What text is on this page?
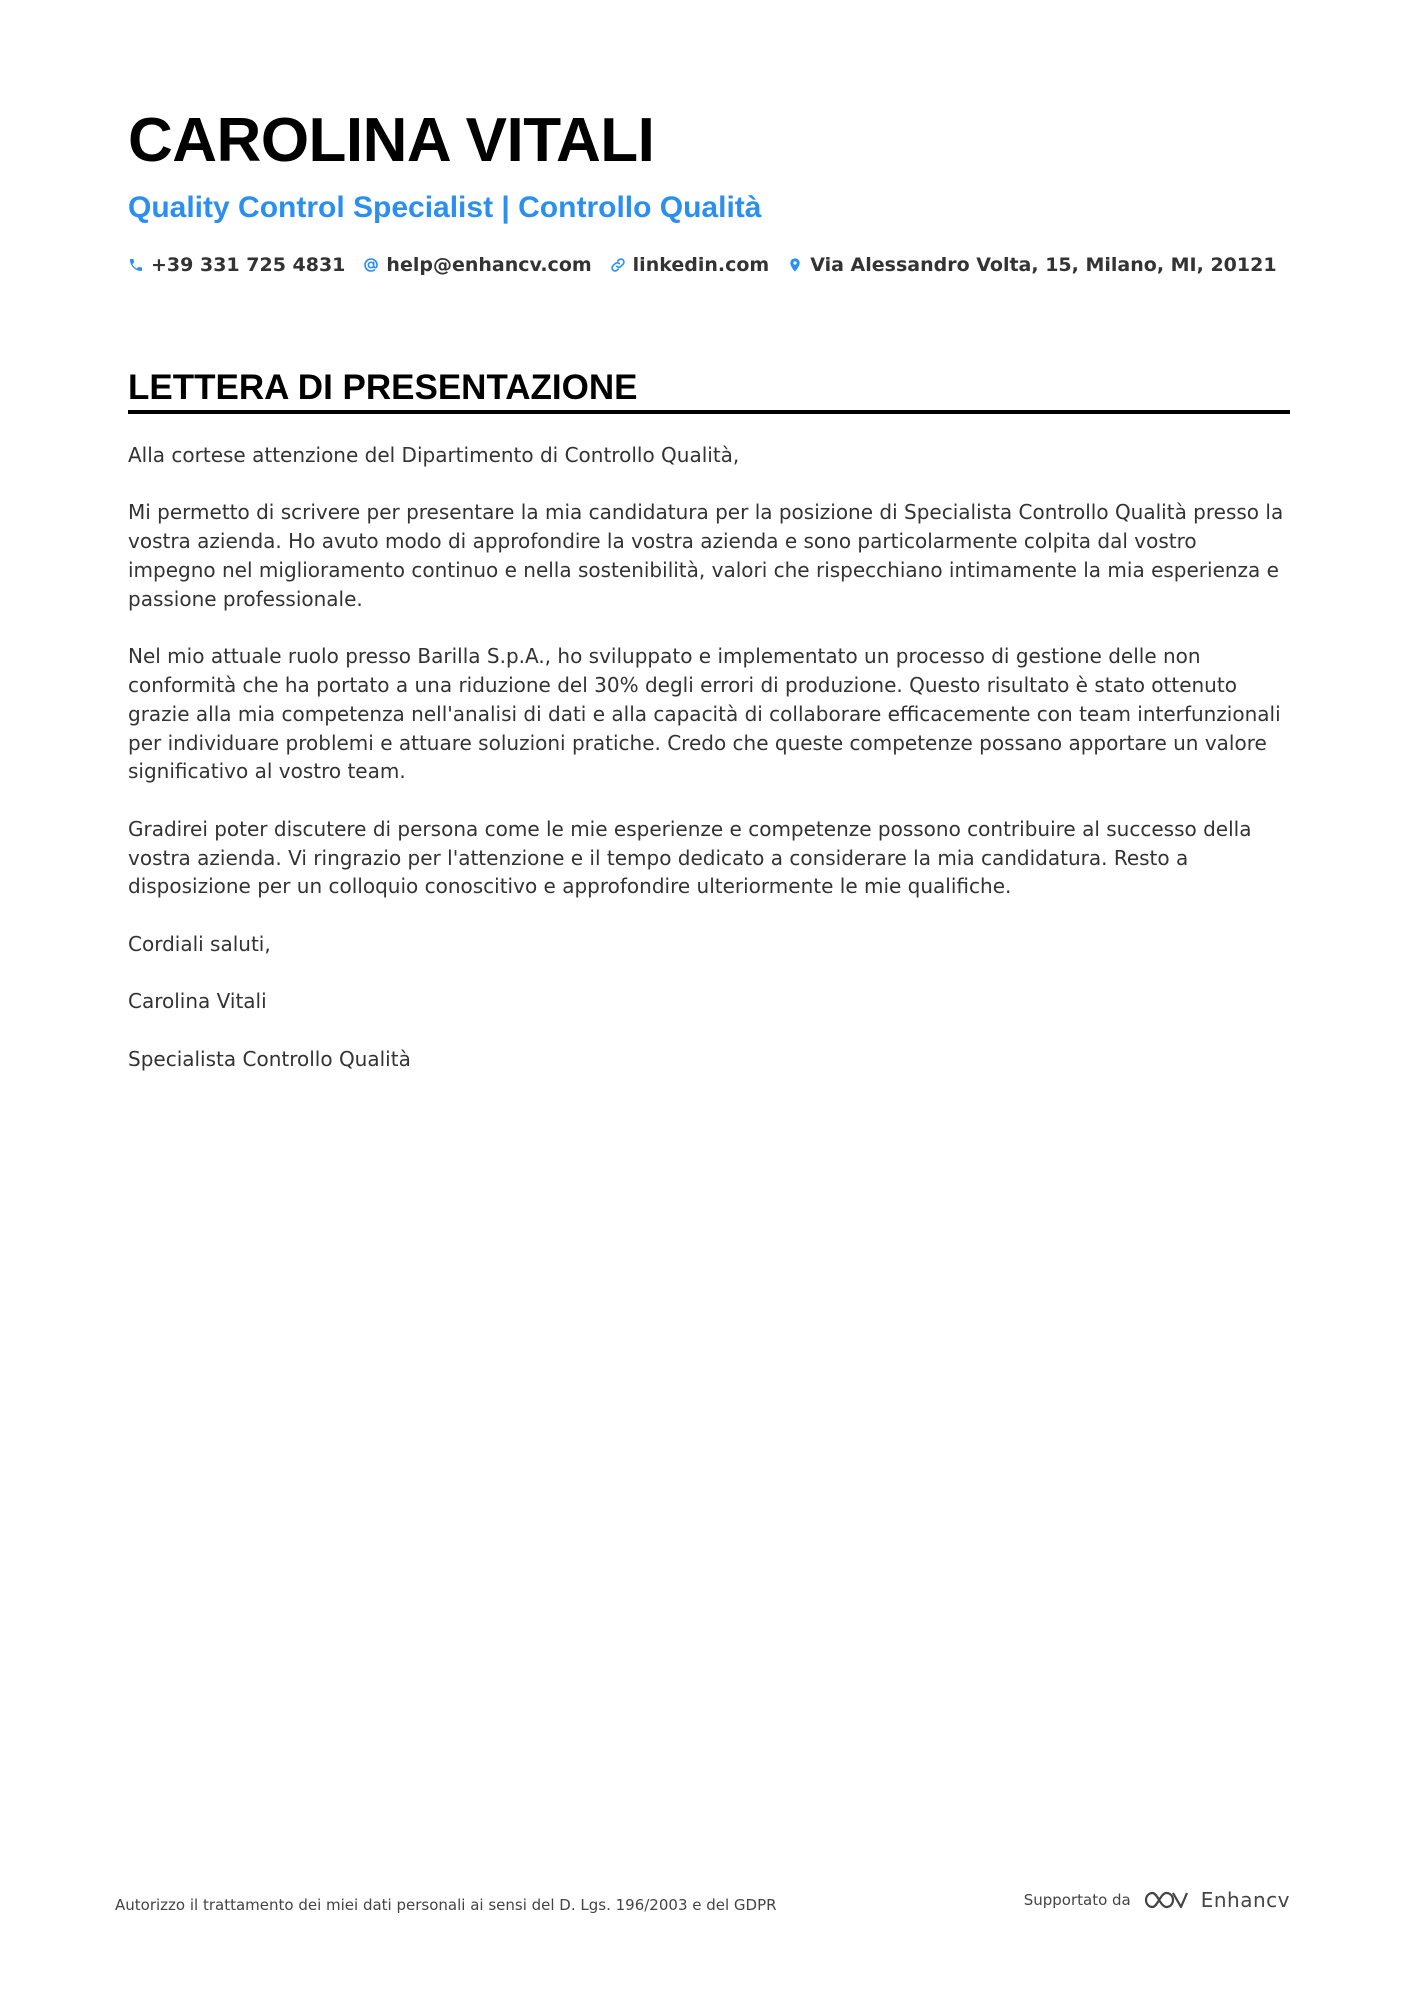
CAROLINA VITALI
Quality Control Specialist | Controllo Qualità
+39 331 725 4831 help@enhancv.com linkedin.com Via Alessandro Volta, 15, Milano, MI, 20121
LETTERA DI PRESENTAZIONE

Alla cortese attenzione del Dipartimento di Controllo Qualità,

Mi permetto di scrivere per presentare la mia candidatura per la posizione di Specialista Controllo Qualità presso la vostra azienda. Ho avuto modo di approfondire la vostra azienda e sono particolarmente colpita dal vostro impegno nel miglioramento continuo e nella sostenibilità, valori che rispecchiano intimamente la mia esperienza e passione professionale.

Nel mio attuale ruolo presso Barilla S.p.A., ho sviluppato e implementato un processo di gestione delle non conformità che ha portato a una riduzione del 30% degli errori di produzione. Questo risultato è stato ottenuto grazie alla mia competenza nell'analisi di dati e alla capacità di collaborare efficacemente con team interfunzionali per individuare problemi e attuare soluzioni pratiche. Credo che queste competenze possano apportare un valore significativo al vostro team.

Gradirei poter discutere di persona come le mie esperienze e competenze possono contribuire al successo della vostra azienda. Vi ringrazio per l'attenzione e il tempo dedicato a considerare la mia candidatura. Resto a disposizione per un colloquio conoscitivo e approfondire ulteriormente le mie qualifiche.

Cordiali saluti,

Carolina Vitali

Specialista Controllo Qualità

Autorizzo il trattamento dei miei dati personali ai sensi del D. Lgs. 196/2003 e del GDPR	Supportato da	Enhancv
